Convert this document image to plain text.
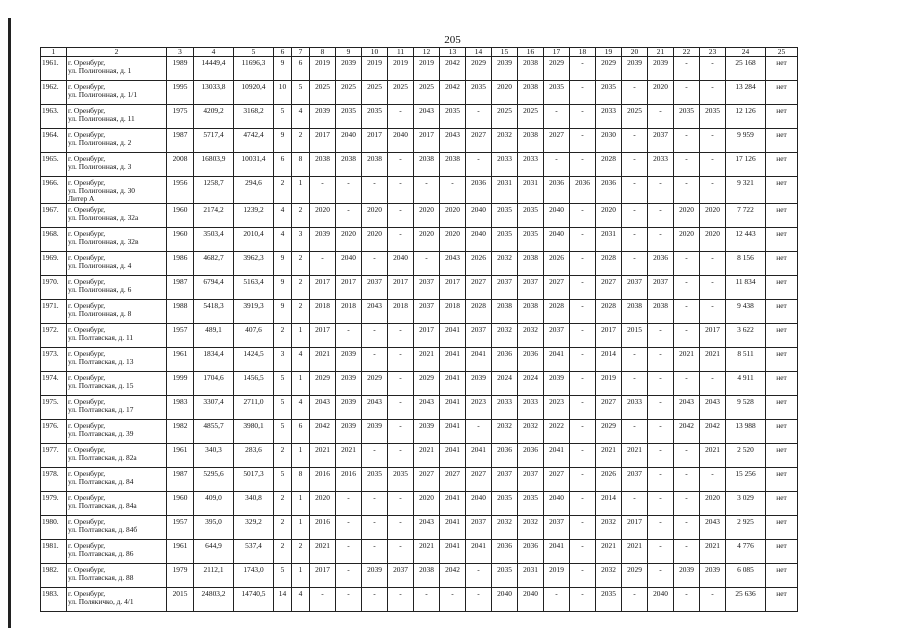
205
1	2	3	4	5	6	7	8	9	10	11	12	13	14	15	16	17	18	19	20	21	22	23	24	25
1961.	г. Оренбург,
ул. Полигонная, д. 1	1989	14449,4	11696,3	9	6	2019	2039	2019	2019	2019	2042	2029	2039	2038	2029	-	2029	2039	2039	-	-	25 168	нет
1962.	г. Оренбург,
ул. Полигонная, д. 1/1	1995	13033,8	10920,4	10	5	2025	2025	2025	2025	2025	2042	2035	2020	2038	2035	-	2035	-	2020	-	-	13 284	нет
1963.	г. Оренбург,
ул. Полигонная, д. 11	1975	4209,2	3168,2	5	4	2039	2035	2035	-	2043	2035	-	2025	2025	-	-	2033	2025	-	2035	2035	12 126	нет
1964.	г. Оренбург,
ул. Полигонная, д. 2	1987	5717,4	4742,4	9	2	2017	2040	2017	2040	2017	2043	2027	2032	2038	2027	-	2030	-	2037	-	-	9 959	нет
1965.	г. Оренбург,
ул. Полигонная, д. 3	2008	16803,9	10031,4	6	8	2038	2038	2038	-	2038	2038	-	2033	2033	-	-	2028	-	2033	-	-	17 126	нет
1966.	г. Оренбург,
ул. Полигонная, д. 30
Литер А	1956	1258,7	294,6	2	1	-	-	-	-	-	-	2036	2031	2031	2036	2036	2036	-	-	-	-	9 321	нет
1967.	г. Оренбург,
ул. Полигонная, д. 32а	1960	2174,2	1239,2	4	2	2020	-	2020	-	2020	2020	2040	2035	2035	2040	-	2020	-	-	2020	2020	7 722	нет
1968.	г. Оренбург,
ул. Полигонная, д. 32в	1960	3503,4	2010,4	4	3	2039	2020	2020	-	2020	2020	2040	2035	2035	2040	-	2031	-	-	2020	2020	12 443	нет
1969.	г. Оренбург,
ул. Полигонная, д. 4	1986	4682,7	3962,3	9	2	-	2040	-	2040	-	2043	2026	2032	2038	2026	-	2028	-	2036	-	-	8 156	нет
1970.	г. Оренбург,
ул. Полигонная, д. 6	1987	6794,4	5163,4	9	2	2017	2017	2037	2017	2037	2017	2027	2037	2037	2027	-	2027	2037	2037	-	-	11 834	нет
1971.	г. Оренбург,
ул. Полигонная, д. 8	1988	5418,3	3919,3	9	2	2018	2018	2043	2018	2037	2018	2028	2038	2038	2028	-	2028	2038	2038	-	-	9 438	нет
1972.	г. Оренбург,
ул. Полтавская, д. 11	1957	489,1	407,6	2	1	2017	-	-	-	2017	2041	2037	2032	2032	2037	-	2017	2015	-	-	2017	3 622	нет
1973.	г. Оренбург,
ул. Полтавская, д. 13	1961	1834,4	1424,5	3	4	2021	2039	-	-	2021	2041	2041	2036	2036	2041	-	2014	-	-	2021	2021	8 511	нет
1974.	г. Оренбург,
ул. Полтавская, д. 15	1999	1704,6	1456,5	5	1	2029	2039	2029	-	2029	2041	2039	2024	2024	2039	-	2019	-	-	-	-	4 911	нет
1975.	г. Оренбург,
ул. Полтавская, д. 17	1983	3307,4	2711,0	5	4	2043	2039	2043	-	2043	2041	2023	2033	2033	2023	-	2027	2033	-	2043	2043	9 528	нет
1976.	г. Оренбург,
ул. Полтавская, д. 39	1982	4855,7	3980,1	5	6	2042	2039	2039	-	2039	2041	-	2032	2032	2022	-	2029	-	-	2042	2042	13 988	нет
1977.	г. Оренбург,
ул. Полтавская, д. 82а	1961	340,3	283,6	2	1	2021	2021	-	-	2021	2041	2041	2036	2036	2041	-	2021	2021	-	-	2021	2 520	нет
1978.	г. Оренбург,
ул. Полтавская, д. 84	1987	5295,6	5017,3	5	8	2016	2016	2035	2035	2027	2027	2027	2037	2037	2027	-	2026	2037	-	-	-	15 256	нет
1979.	г. Оренбург,
ул. Полтавская, д. 84а	1960	409,0	340,8	2	1	2020	-	-	-	2020	2041	2040	2035	2035	2040	-	2014	-	-	-	2020	3 029	нет
1980.	г. Оренбург,
ул. Полтавская, д. 84б	1957	395,0	329,2	2	1	2016	-	-	-	2043	2041	2037	2032	2032	2037	-	2032	2017	-	-	2043	2 925	нет
1981.	г. Оренбург,
ул. Полтавская, д. 86	1961	644,9	537,4	2	2	2021	-	-	-	2021	2041	2041	2036	2036	2041	-	2021	2021	-	-	2021	4 776	нет
1982.	г. Оренбург,
ул. Полтавская, д. 88	1979	2112,1	1743,0	5	1	2017	-	2039	2037	2038	2042	-	2035	2031	2019	-	2032	2029	-	2039	2039	6 085	нет
1983.	г. Оренбург,
ул. Полякичко, д. 4/1	2015	24803,2	14740,5	14	4	-	-	-	-	-	-	-	2040	2040	-	-	2035	-	2040	-	-	25 636	нет
